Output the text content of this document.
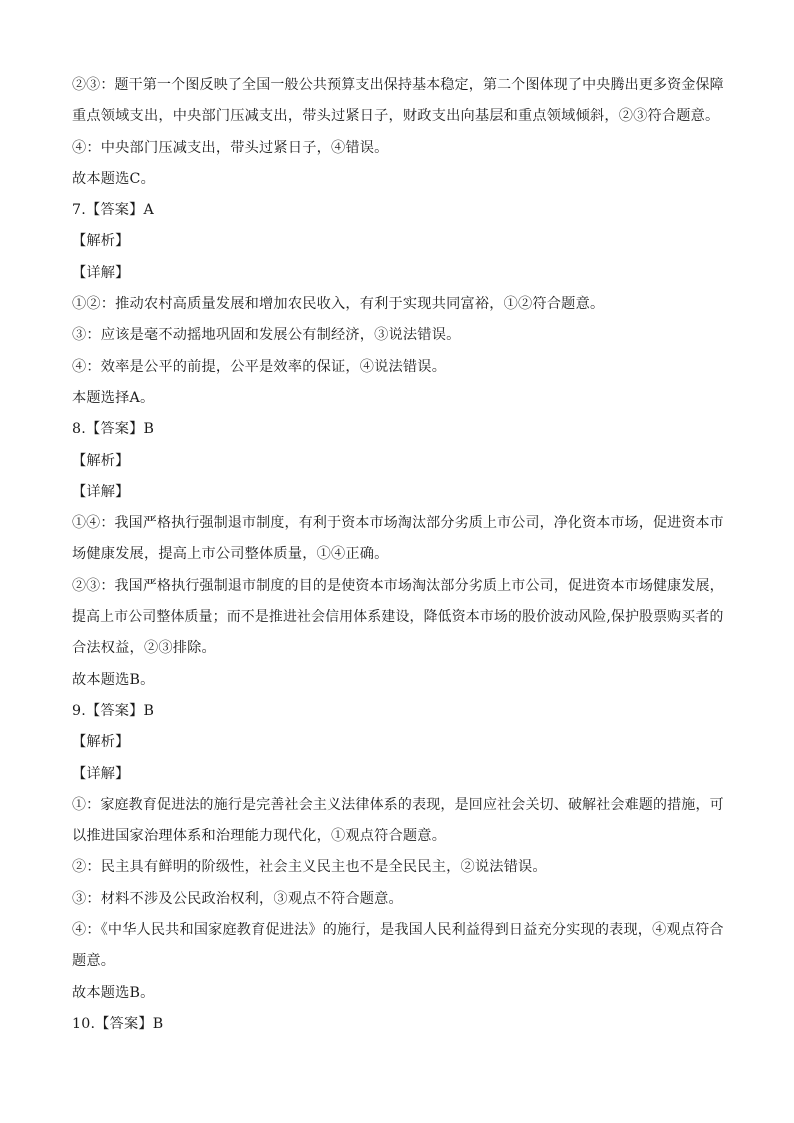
②③：题干第一个图反映了全国一般公共预算支出保持基本稳定，第二个图体现了中央腾出更多资金保障
重点领域支出，中央部门压减支出，带头过紧日子，财政支出向基层和重点领域倾斜，②③符合题意。
④：中央部门压减支出，带头过紧日子，④错误。
故本题选C。
7.【答案】A
【解析】
【详解】
①②：推动农村高质量发展和增加农民收入，有利于实现共同富裕，①②符合题意。
③：应该是毫不动摇地巩固和发展公有制经济，③说法错误。
④：效率是公平的前提，公平是效率的保证，④说法错误。
本题选择A。
8.【答案】B
【解析】
【详解】
①④：我国严格执行强制退市制度，有利于资本市场淘汰部分劣质上市公司，净化资本市场，促进资本市
场健康发展，提高上市公司整体质量，①④正确。
②③：我国严格执行强制退市制度的目的是使资本市场淘汰部分劣质上市公司，促进资本市场健康发展，
提高上市公司整体质量；而不是推进社会信用体系建设，降低资本市场的股价波动风险,保护股票购买者的
合法权益，②③排除。
故本题选B。
9.【答案】B
【解析】
【详解】
①：家庭教育促进法的施行是完善社会主义法律体系的表现，是回应社会关切、破解社会难题的措施，可
以推进国家治理体系和治理能力现代化，①观点符合题意。
②：民主具有鲜明的阶级性，社会主义民主也不是全民民主，②说法错误。
③：材料不涉及公民政治权利，③观点不符合题意。
④：《中华人民共和国家庭教育促进法》的施行，是我国人民利益得到日益充分实现的表现，④观点符合
题意。
故本题选B。
10.【答案】B
